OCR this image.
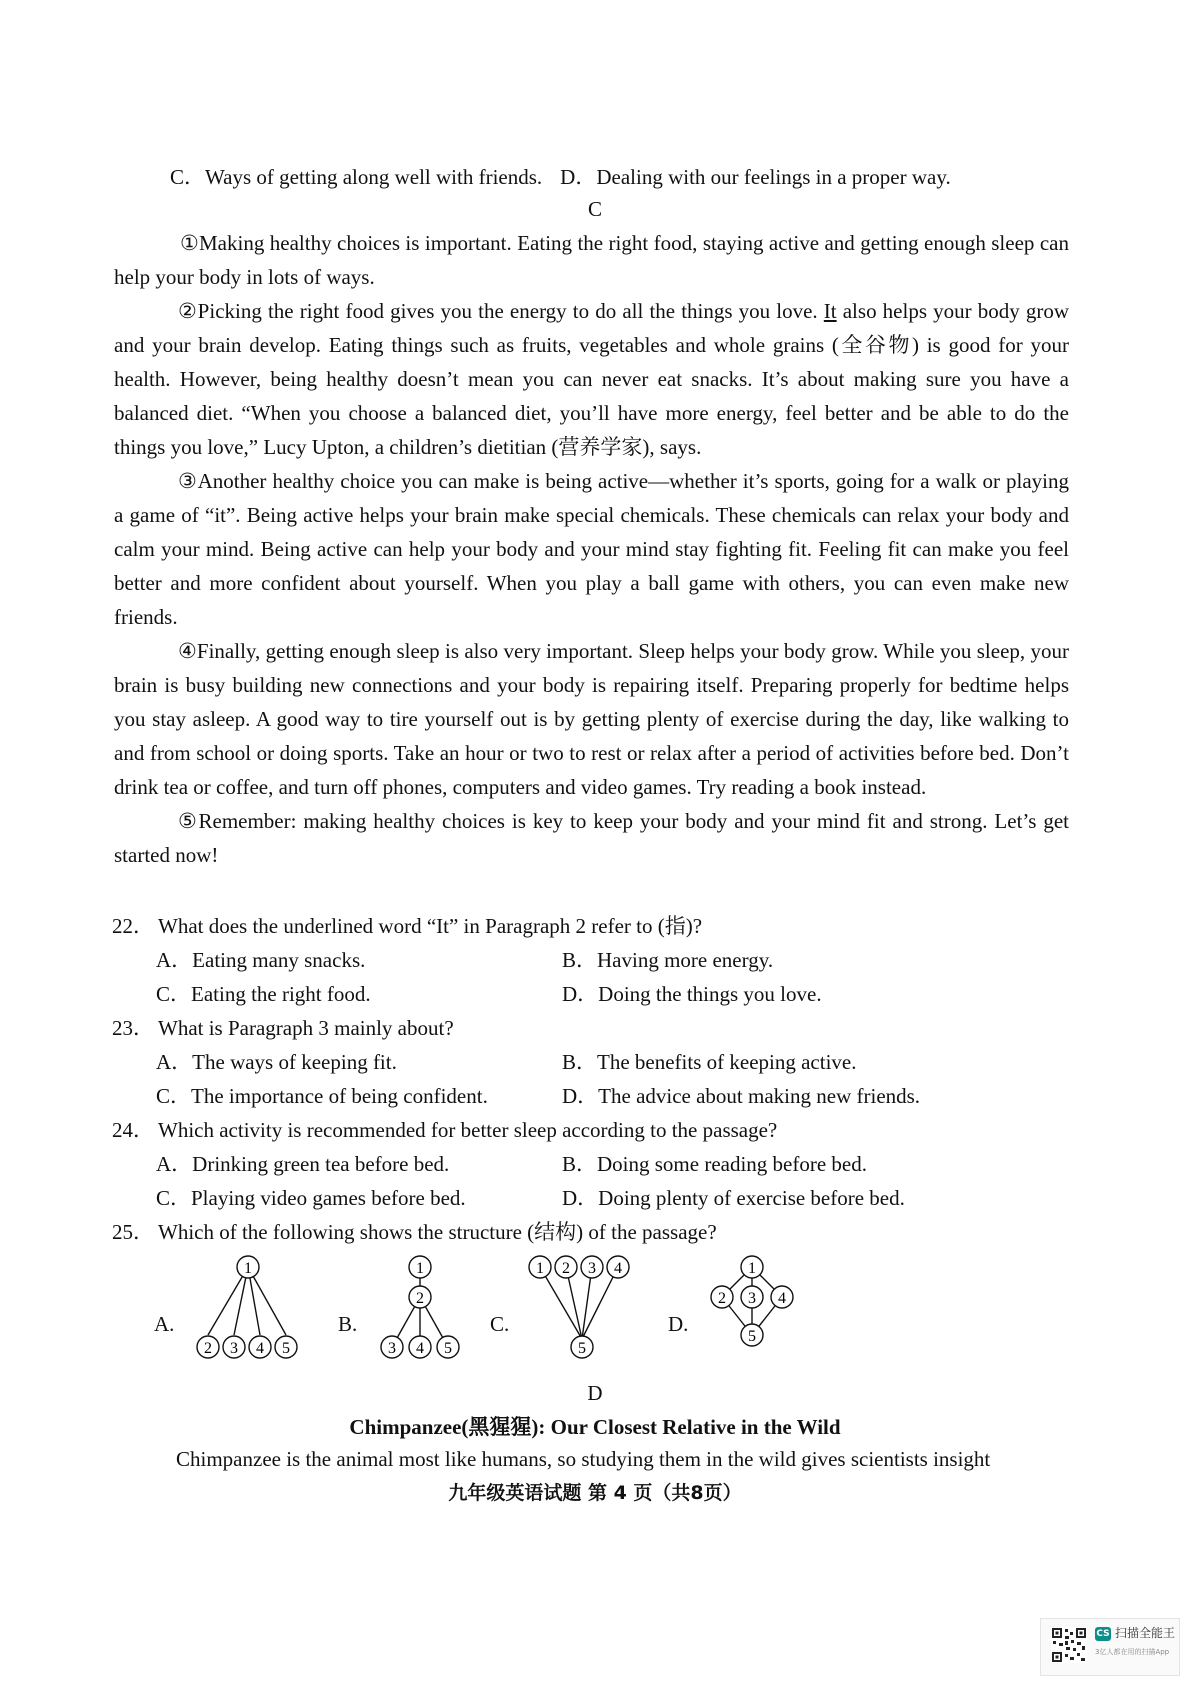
C．Ways of getting along well with friends. D．Dealing with our feelings in a proper way.
C

①Making healthy choices is important. Eating the right food, staying active and getting enough sleep can help your body in lots of ways.

②Picking the right food gives you the energy to do all the things you love. It also helps your body grow and your brain develop. Eating things such as fruits, vegetables and whole grains (全谷物) is good for your health. However, being healthy doesn’t mean you can never eat snacks. It’s about making sure you have a balanced diet. “When you choose a balanced diet, you’ll have more energy, feel better and be able to do the things you love,” Lucy Upton, a children’s dietitian (营养学家), says.

③Another healthy choice you can make is being active—whether it’s sports, going for a walk or playing a game of “it”. Being active helps your brain make special chemicals. These chemicals can relax your body and calm your mind. Being active can help your body and your mind stay fighting fit. Feeling fit can make you feel better and more confident about yourself. When you play a ball game with others, you can even make new friends.

④Finally, getting enough sleep is also very important. Sleep helps your body grow. While you sleep, your brain is busy building new connections and your body is repairing itself. Preparing properly for bedtime helps you stay asleep. A good way to tire yourself out is by getting plenty of exercise during the day, like walking to and from school or doing sports. Take an hour or two to rest or relax after a period of activities before bed. Don’t drink tea or coffee, and turn off phones, computers and video games. Try reading a book instead.

⑤Remember: making healthy choices is key to keep your body and your mind fit and strong. Let’s get started now!

22． What does the underlined word “It” in Paragraph 2 refer to (指)?
A．Eating many snacks.	B．Having more energy.
C．Eating the right food.	D．Doing the things you love.
23． What is Paragraph 3 mainly about?
A．The ways of keeping fit.	B．The benefits of keeping active.
C．The importance of being confident.	D．The advice about making new friends.
24． Which activity is recommended for better sleep according to the passage?
A．Drinking green tea before bed.	B．Doing some reading before bed.
C．Playing video games before bed.	D．Doing plenty of exercise before bed.
25． Which of the following shows the structure (结构) of the passage?
A.
1
2 3 4 5
B.
1
2
3 4 5
C.
1 2 3 4
5
D.
1
2 3 4
5
D
Chimpanzee(黑猩猩): Our Closest Relative in the Wild
Chimpanzee is the animal most like humans, so studying them in the wild gives scientists insight
九年级英语试题 第 4 页（共8页）
CS 扫描全能王
3亿人都在用的扫描App
